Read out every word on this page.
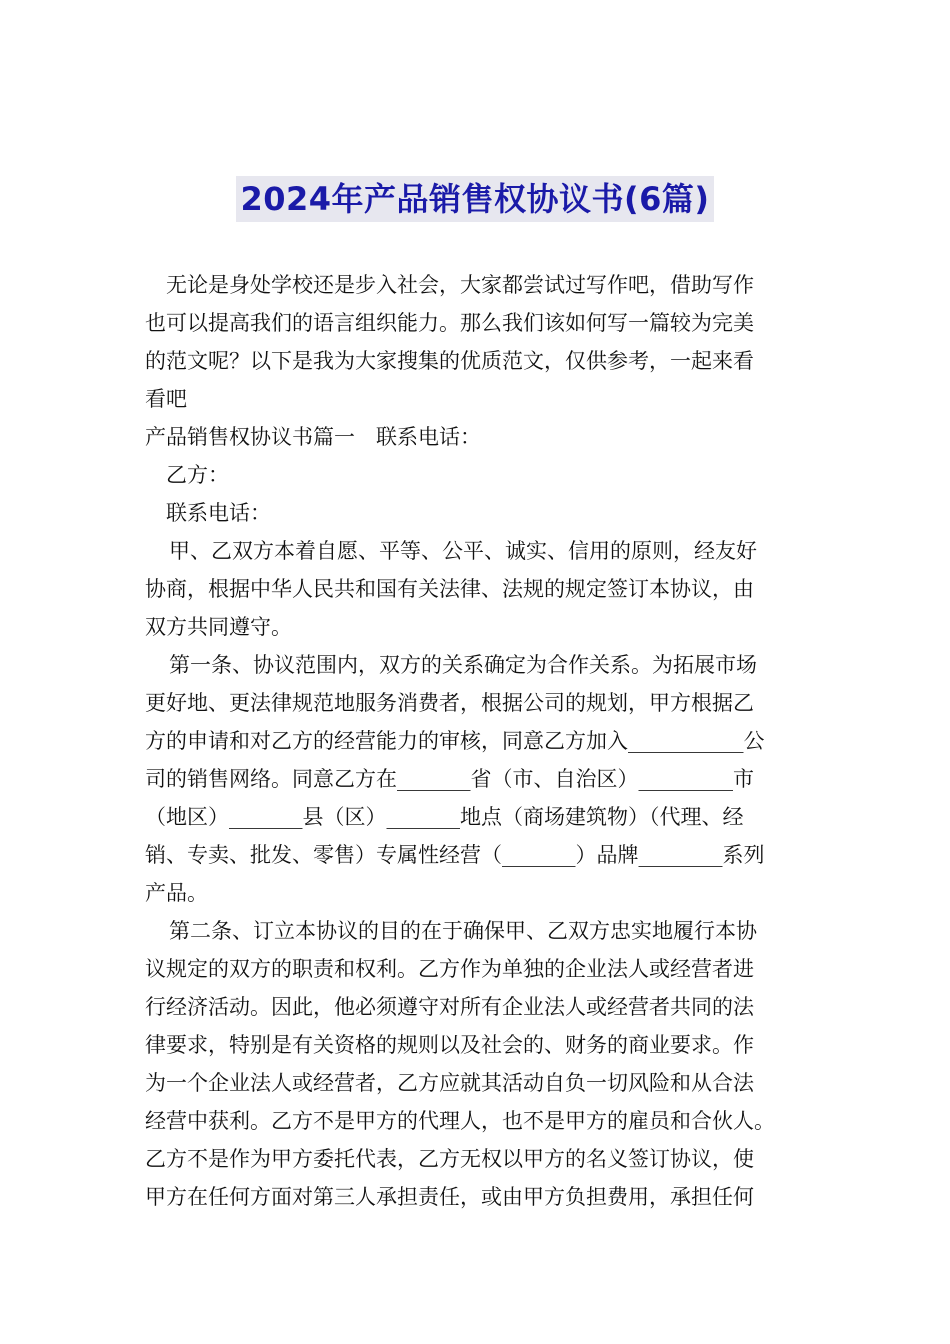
2024年产品销售权协议书(6篇)
无论是身处学校还是步入社会，大家都尝试过写作吧，借助写作
也可以提高我们的语言组织能力。那么我们该如何写一篇较为完美
的范文呢？以下是我为大家搜集的优质范文，仅供参考，一起来看
看吧
产品销售权协议书篇一　联系电话：
乙方：
联系电话：
甲、乙双方本着自愿、平等、公平、诚实、信用的原则，经友好
协商，根据中华人民共和国有关法律、法规的规定签订本协议，由
双方共同遵守。
第一条、协议范围内，双方的关系确定为合作关系。为拓展市场
更好地、更法律规范地服务消费者，根据公司的规划，甲方根据乙
方的申请和对乙方的经营能力的审核，同意乙方加入___________公
司的销售网络。同意乙方在_______省（市、自治区）_________市
（地区）_______县（区）_______地点（商场建筑物）（代理、经
销、专卖、批发、零售）专属性经营（_______）品牌________系列
产品。
第二条、订立本协议的目的在于确保甲、乙双方忠实地履行本协
议规定的双方的职责和权利。乙方作为单独的企业法人或经营者进
行经济活动。因此，他必须遵守对所有企业法人或经营者共同的法
律要求，特别是有关资格的规则以及社会的、财务的商业要求。作
为一个企业法人或经营者，乙方应就其活动自负一切风险和从合法
经营中获利。乙方不是甲方的代理人，也不是甲方的雇员和合伙人。
乙方不是作为甲方委托代表，乙方无权以甲方的名义签订协议，使
甲方在任何方面对第三人承担责任，或由甲方负担费用，承担任何
